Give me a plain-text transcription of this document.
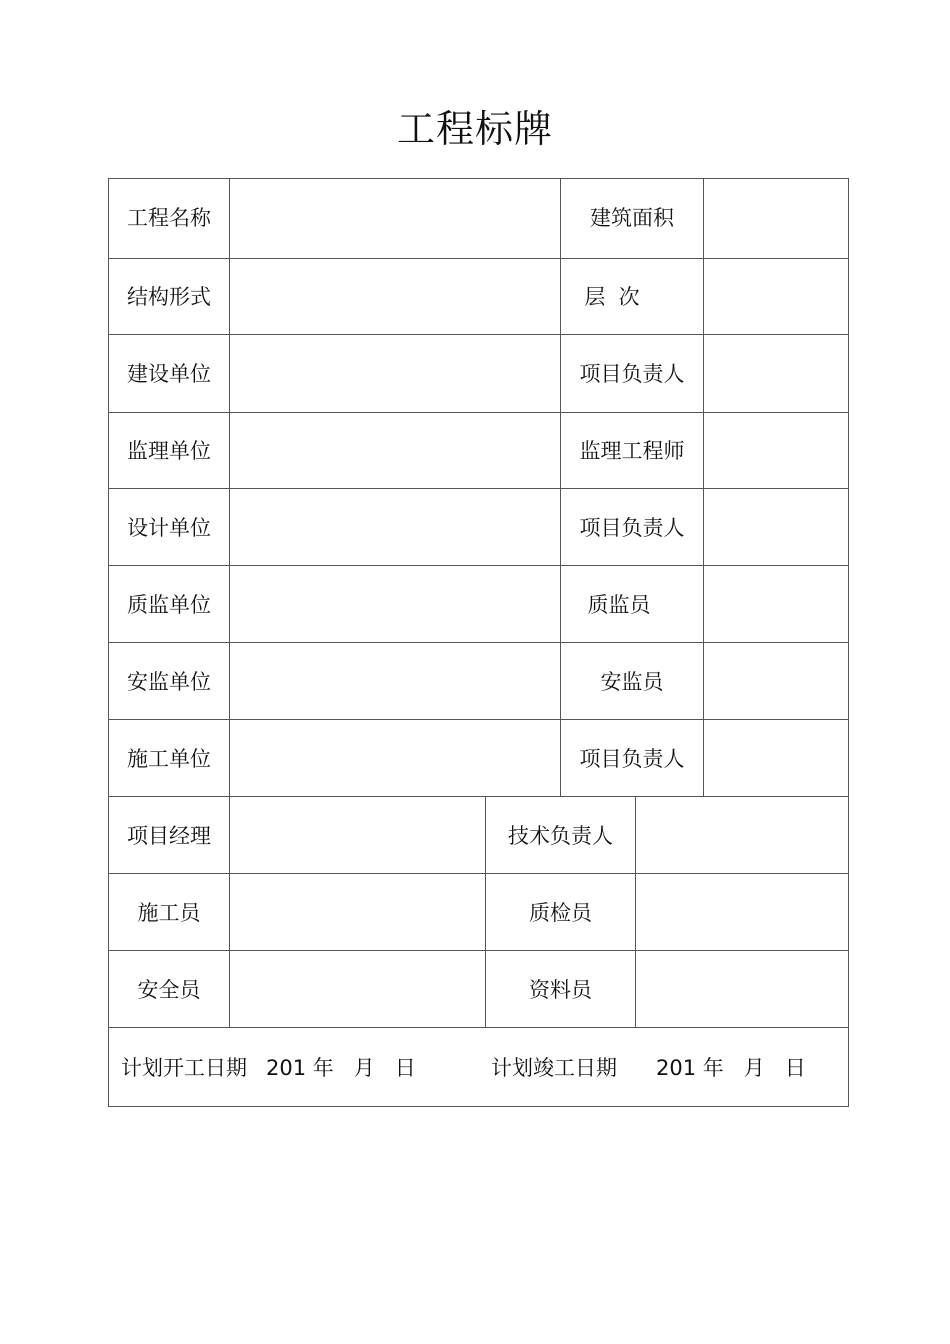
工程标牌
工程名称
结构形式
建设单位
监理单位
设计单位
质监单位
安监单位
施工单位
项目经理
施工员
安全员
建筑面积
层  次
项目负责人
监理工程师
项目负责人
质监员
安监员
项目负责人
技术负责人
质检员
资料员
计划开工日期 201 年   月   日	计划竣工日期 201 年   月   日
